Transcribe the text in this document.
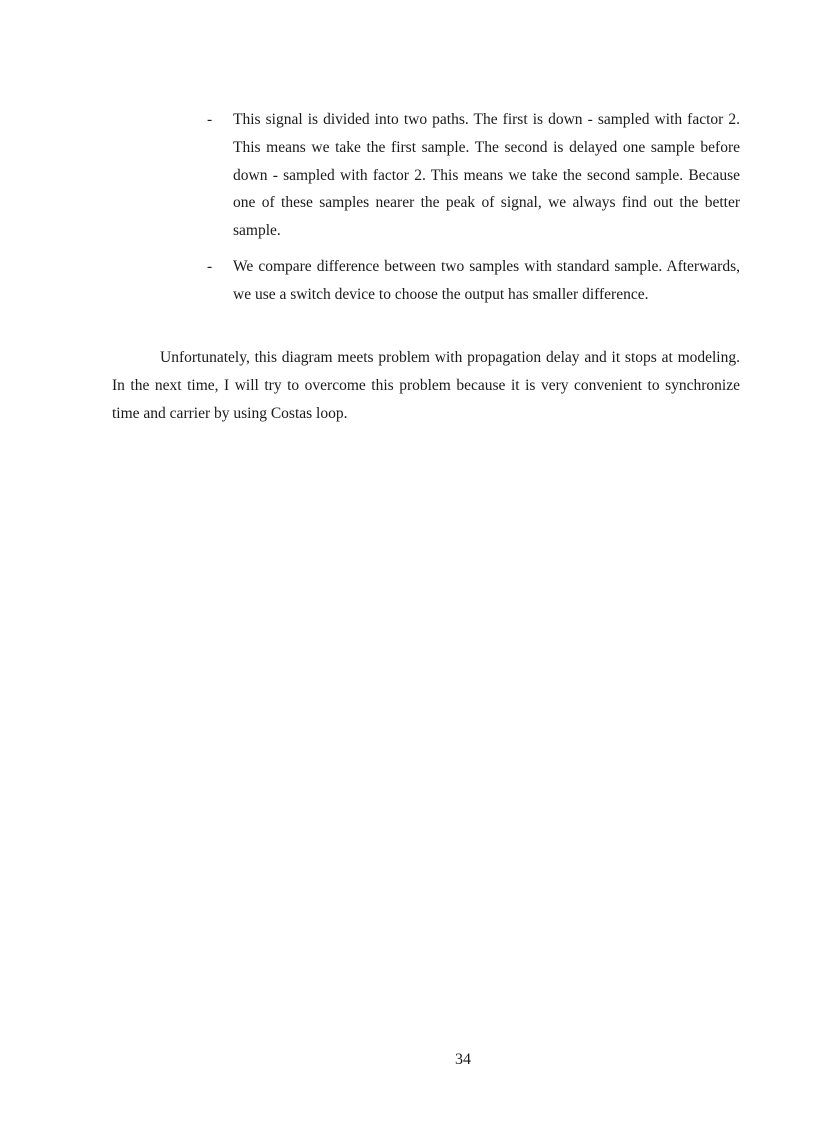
-	This signal is divided into two paths. The first is down - sampled with factor 2. This means we take the first sample. The second is delayed one sample before down - sampled with factor 2. This means we take the second sample. Because one of these samples nearer the peak of signal, we always find out the better sample.
-	We compare difference between two samples with standard sample. Afterwards, we use a switch device to choose the output has smaller difference.

Unfortunately, this diagram meets problem with propagation delay and it stops at modeling. In the next time, I will try to overcome this problem because it is very convenient to synchronize time and carrier by using Costas loop.

34
